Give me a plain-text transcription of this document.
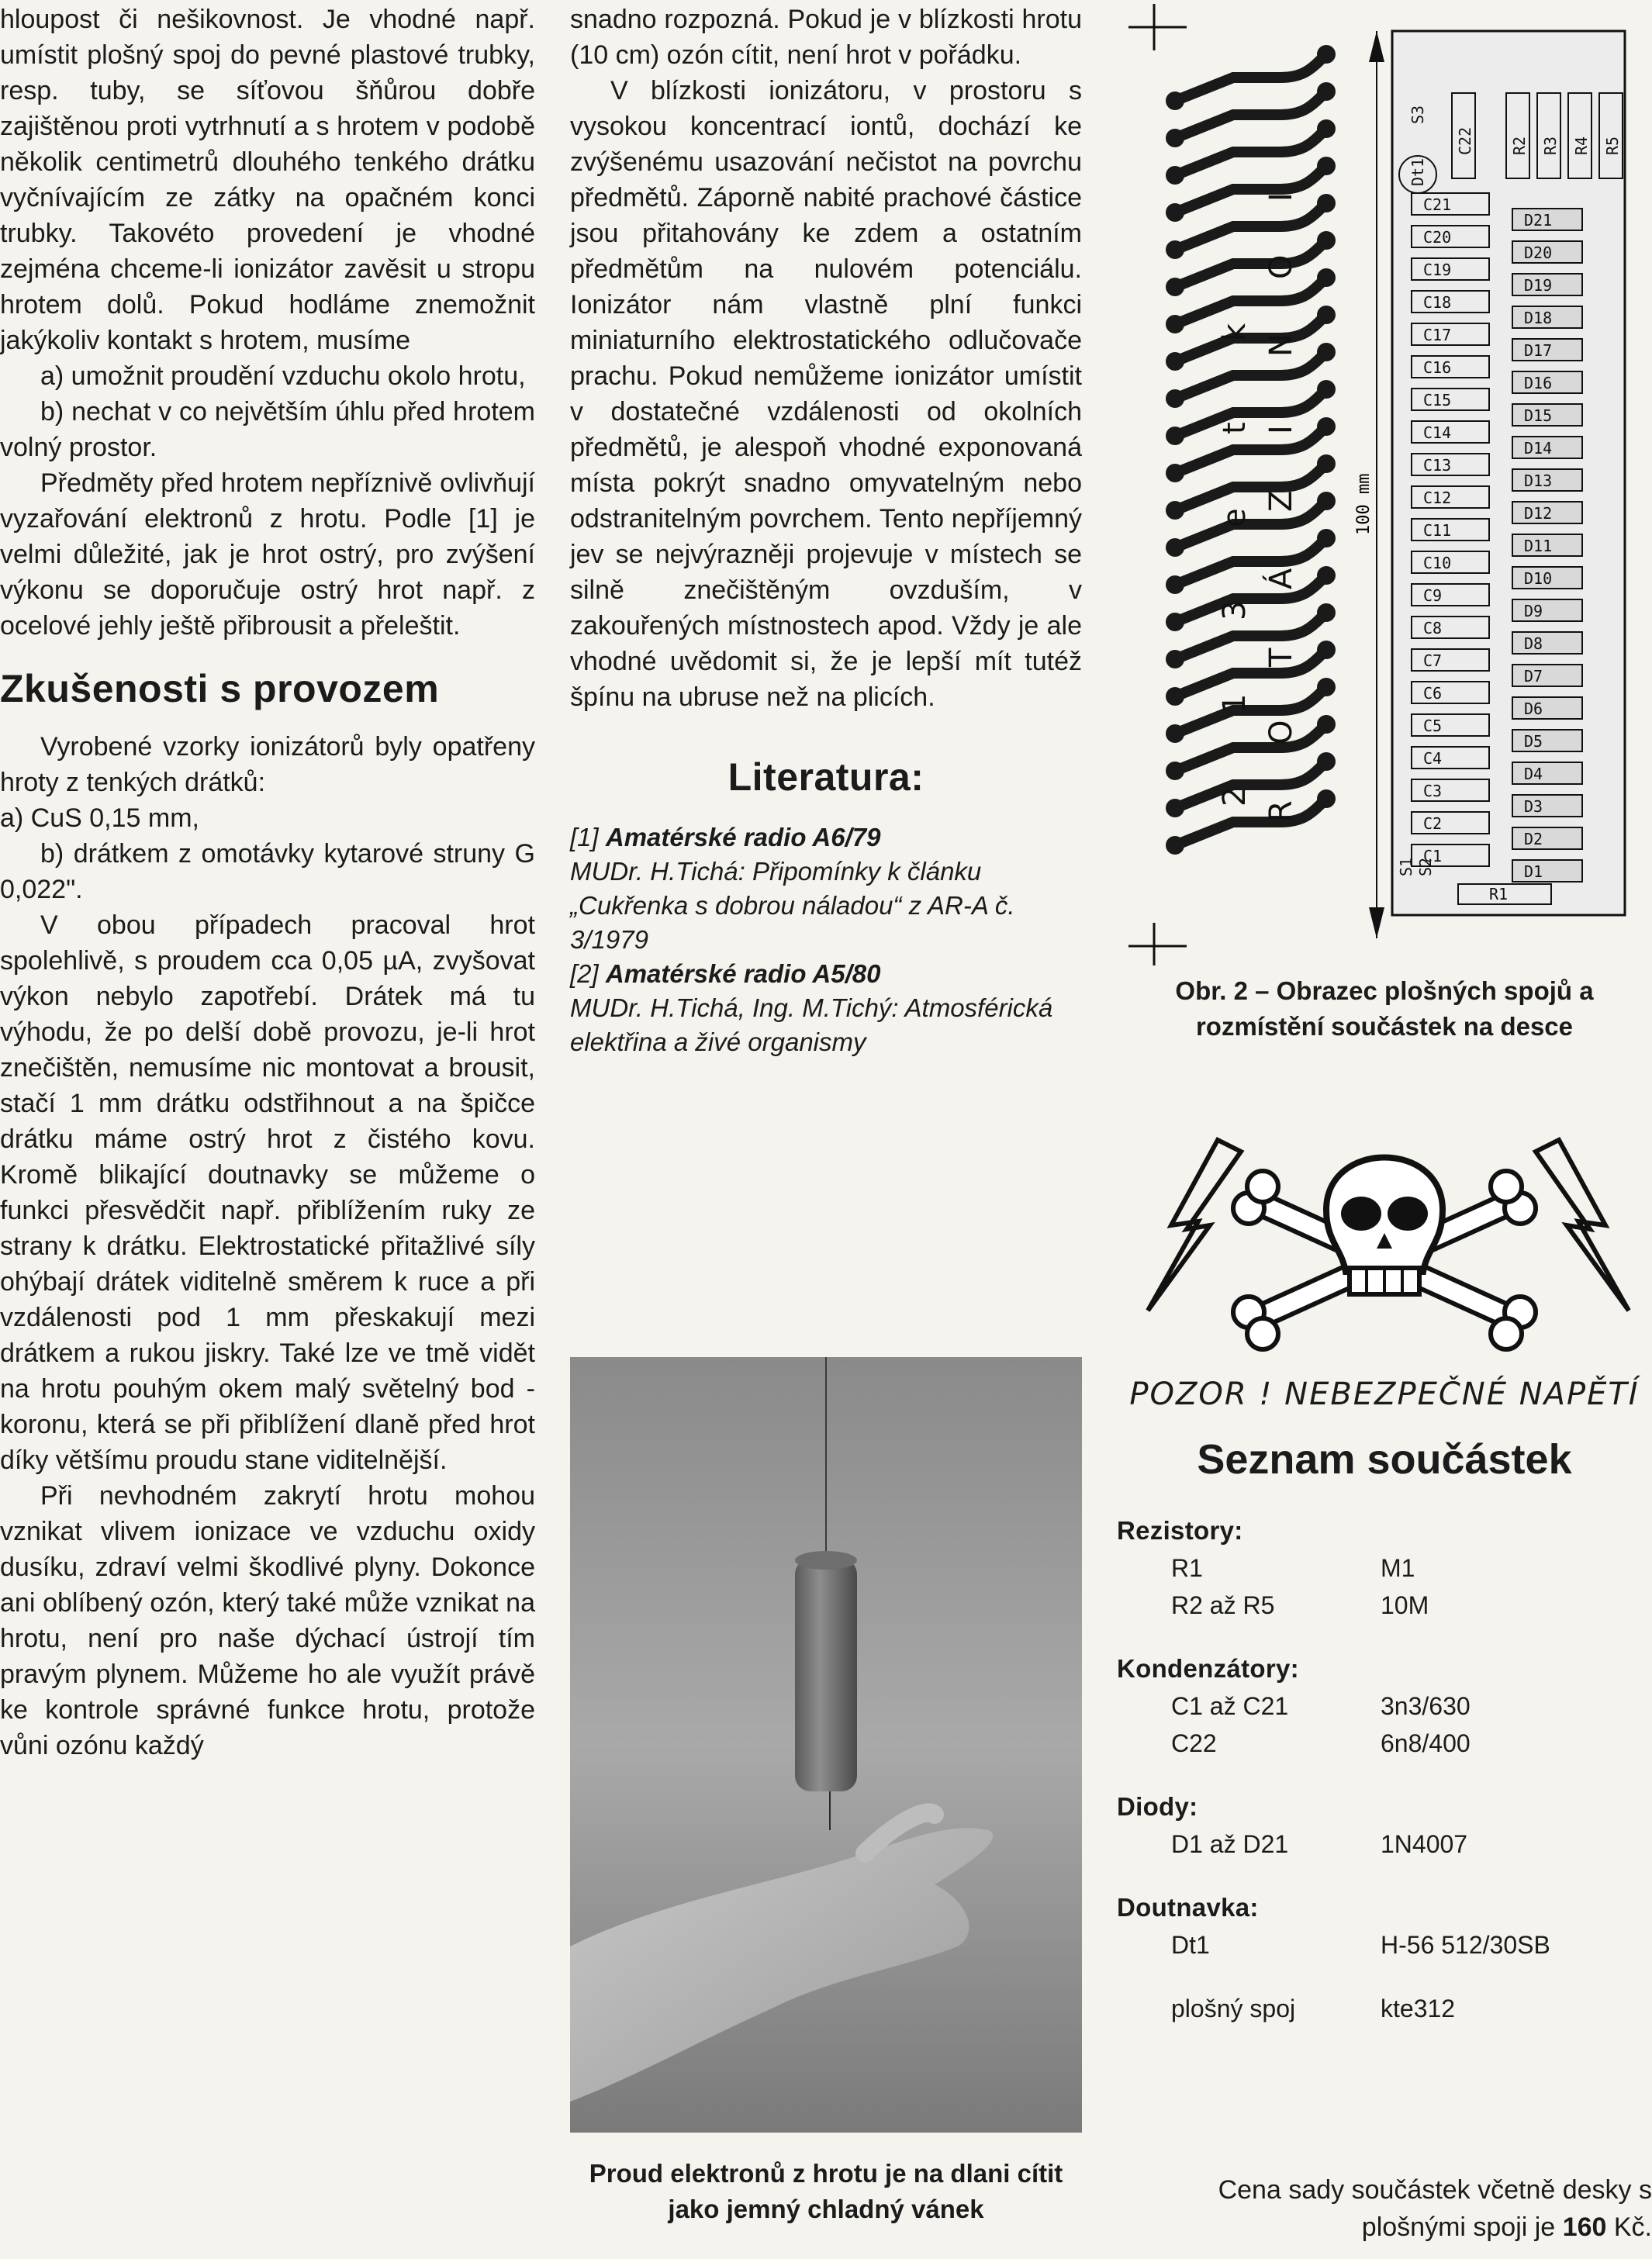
hloupost či nešikovnost. Je vhodné např. umístit plošný spoj do pevné plastové trubky, resp. tuby, se síťovou šňůrou dobře zajištěnou proti vytrhnutí a s hrotem v podobě několik centimetrů dlouhého tenkého drátku vyčnívajícím ze zátky na opačném konci trubky. Takovéto provedení je vhodné zejména chceme-li ionizátor zavěsit u stropu hrotem dolů. Pokud hodláme znemožnit jakýkoliv kontakt s hrotem, musíme

a) umožnit proudění vzduchu okolo hrotu,

b) nechat v co největším úhlu před hrotem volný prostor.

Předměty před hrotem nepříznivě ovlivňují vyzařování elektronů z hrotu. Podle [1] je velmi důležité, jak je hrot ostrý, pro zvýšení výkonu se doporučuje ostrý hrot např. z ocelové jehly ještě přibrousit a přeleštit.

Zkušenosti s provozem

Vyrobené vzorky ionizátorů byly opatřeny hroty z tenkých drátků:

a) CuS 0,15 mm,

b) drátkem z omotávky kytarové struny G 0,022".

V obou případech pracoval hrot spolehlivě, s proudem cca 0,05 µA, zvyšovat výkon nebylo zapotřebí. Drátek má tu výhodu, že po delší době provozu, je-li hrot znečištěn, nemusíme nic montovat a brousit, stačí 1 mm drátku odstřihnout a na špičce drátku máme ostrý hrot z čistého kovu. Kromě blikající doutnavky se můžeme o funkci přesvědčit např. přiblížením ruky ze strany k drátku. Elektrostatické přitažlivé síly ohýbají drátek viditelně směrem k ruce a při vzdálenosti pod 1 mm přeskakují mezi drátkem a rukou jiskry. Také lze ve tmě vidět na hrotu pouhým okem malý světelný bod - koronu, která se při přiblížení dlaně před hrot díky většímu proudu stane viditelnější.

Při nevhodném zakrytí hrotu mohou vznikat vlivem ionizace ve vzduchu oxidy dusíku, zdraví velmi škodlivé plyny. Dokonce ani oblíbený ozón, který také může vznikat na hrotu, není pro naše dýchací ústrojí tím pravým plynem. Můžeme ho ale využít právě ke kontrole správné funkce hrotu, protože vůni ozónu každý

snadno rozpozná. Pokud je v blízkosti hrotu (10 cm) ozón cítit, není hrot v pořádku.

V blízkosti ionizátoru, v prostoru s vysokou koncentrací iontů, dochází ke zvýšenému usazování nečistot na povrchu předmětů. Záporně nabité prachové částice jsou přitahovány ke zdem a ostatním předmětům na nulovém potenciálu. Ionizátor nám vlastně plní funkci miniaturního elektrostatického odlučovače prachu. Pokud nemůžeme ionizátor umístit v dostatečné vzdálenosti od okolních předmětů, je alespoň vhodné exponovaná místa pokrýt snadno omyvatelným nebo odstranitelným povrchem. Tento nepříjemný jev se nejvýrazněji projevuje v místech se silně znečištěným ovzduším, v zakouřených místnostech apod. Vždy je ale vhodné uvědomit si, že je lepší mít tutéž špínu na ubruse než na plicích.

Literatura:

[1] Amatérské radio A6/79

MUDr. H.Tichá: Připomínky k článku „Cukřenka s dobrou náladou“ z AR-A č. 3/1979

[2] Amatérské radio A5/80

MUDr. H.Tichá, Ing. M.Tichý: Atmosférická elektřina a živé organismy

Proud elektronů z hrotu je na dlani cítit jako jemný chladný vánek
100 mm
R
O
T
Á
Z
I
N
O
I
2
1
3
e
t
k
C21
C20
C19
C18
C17
C16
C15
C14
C13
C12
C11
C10
C9
C8
C7
C6
C5
C4
C3
C2
C1
D21
D20
D19
D18
D17
D16
D15
D14
D13
D12
D11
D10
D9
D8
D7
D6
D5
D4
D3
D2
D1
C22 R2 R3 R4 R5
R1
S3
Dt1
S1 S2
Obr. 2 – Obrazec plošných spojů a rozmístění součástek na desce
POZOR ! NEBEZPEČNÉ NAPĚTÍ
Seznam součástek
Rezistory:
R1	M1
R2 až R5	10M
Kondenzátory:
C1 až C21	3n3/630
C22	6n8/400
Diody:
D1 až D21	1N4007
Doutnavka:
Dt1	H-56 512/30SB
plošný spoj	kte312
Cena sady součástek včetně desky s plošnými spoji je 160 Kč.
